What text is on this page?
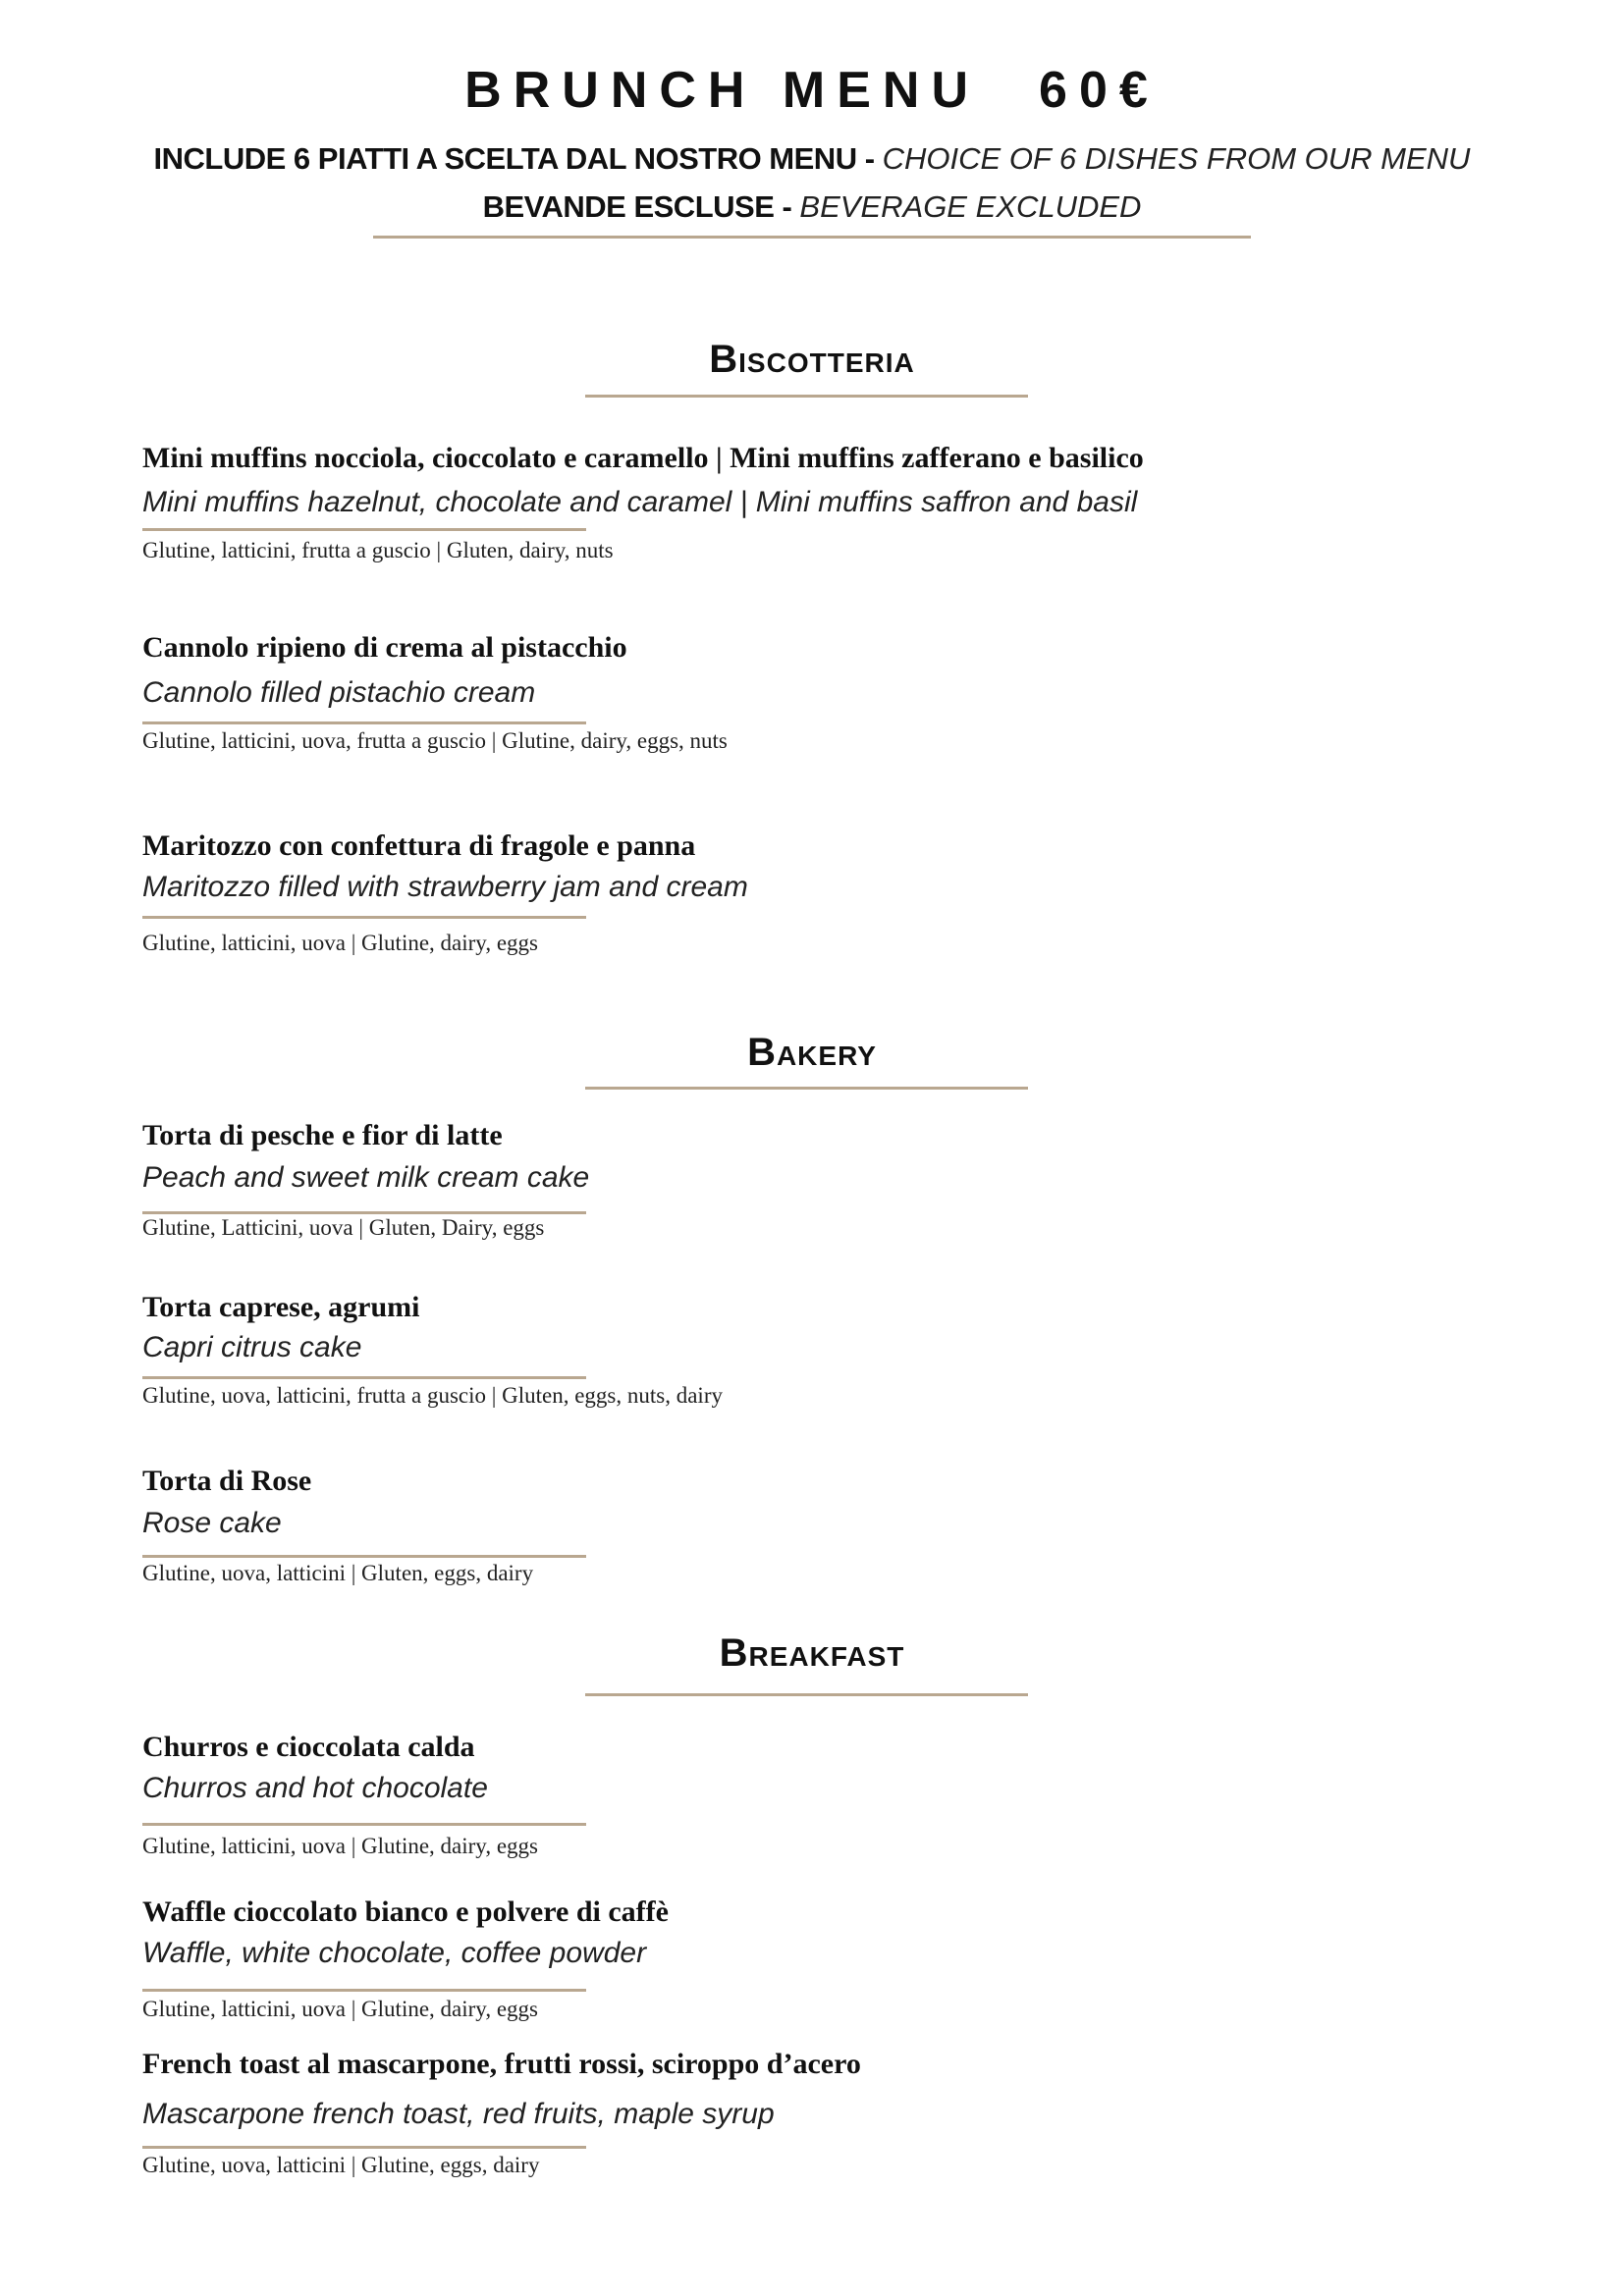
BRUNCH MENU 60€
INCLUDE 6 PIATTI A SCELTA DAL NOSTRO MENU - CHOICE OF 6 DISHES FROM OUR MENU
BEVANDE ESCLUSE - BEVERAGE EXCLUDED
Biscotteria
Mini muffins nocciola, cioccolato e caramello | Mini muffins zafferano e basilico
Mini muffins hazelnut, chocolate and caramel | Mini muffins saffron and basil
Glutine, latticini, frutta a guscio | Gluten, dairy, nuts
Cannolo ripieno di crema al pistacchio
Cannolo filled pistachio cream
Glutine, latticini, uova, frutta a guscio | Glutine, dairy, eggs, nuts
Maritozzo con confettura di fragole e panna
Maritozzo filled with strawberry jam and cream
Glutine, latticini, uova | Glutine, dairy, eggs
Bakery
Torta di pesche e fior di latte
Peach and sweet milk cream cake
Glutine, Latticini, uova | Gluten, Dairy, eggs
Torta caprese, agrumi
Capri citrus cake
Glutine, uova, latticini, frutta a guscio | Gluten, eggs, nuts, dairy
Torta di Rose
Rose cake
Glutine, uova, latticini | Gluten, eggs, dairy
Breakfast
Churros e cioccolata calda
Churros and hot chocolate
Glutine, latticini, uova | Glutine, dairy, eggs
Waffle cioccolato bianco e polvere di caffè
Waffle, white chocolate, coffee powder
Glutine, latticini, uova | Glutine, dairy, eggs
French toast al mascarpone, frutti rossi, sciroppo d’acero
Mascarpone french toast, red fruits, maple syrup
Glutine, uova, latticini | Glutine, eggs, dairy
